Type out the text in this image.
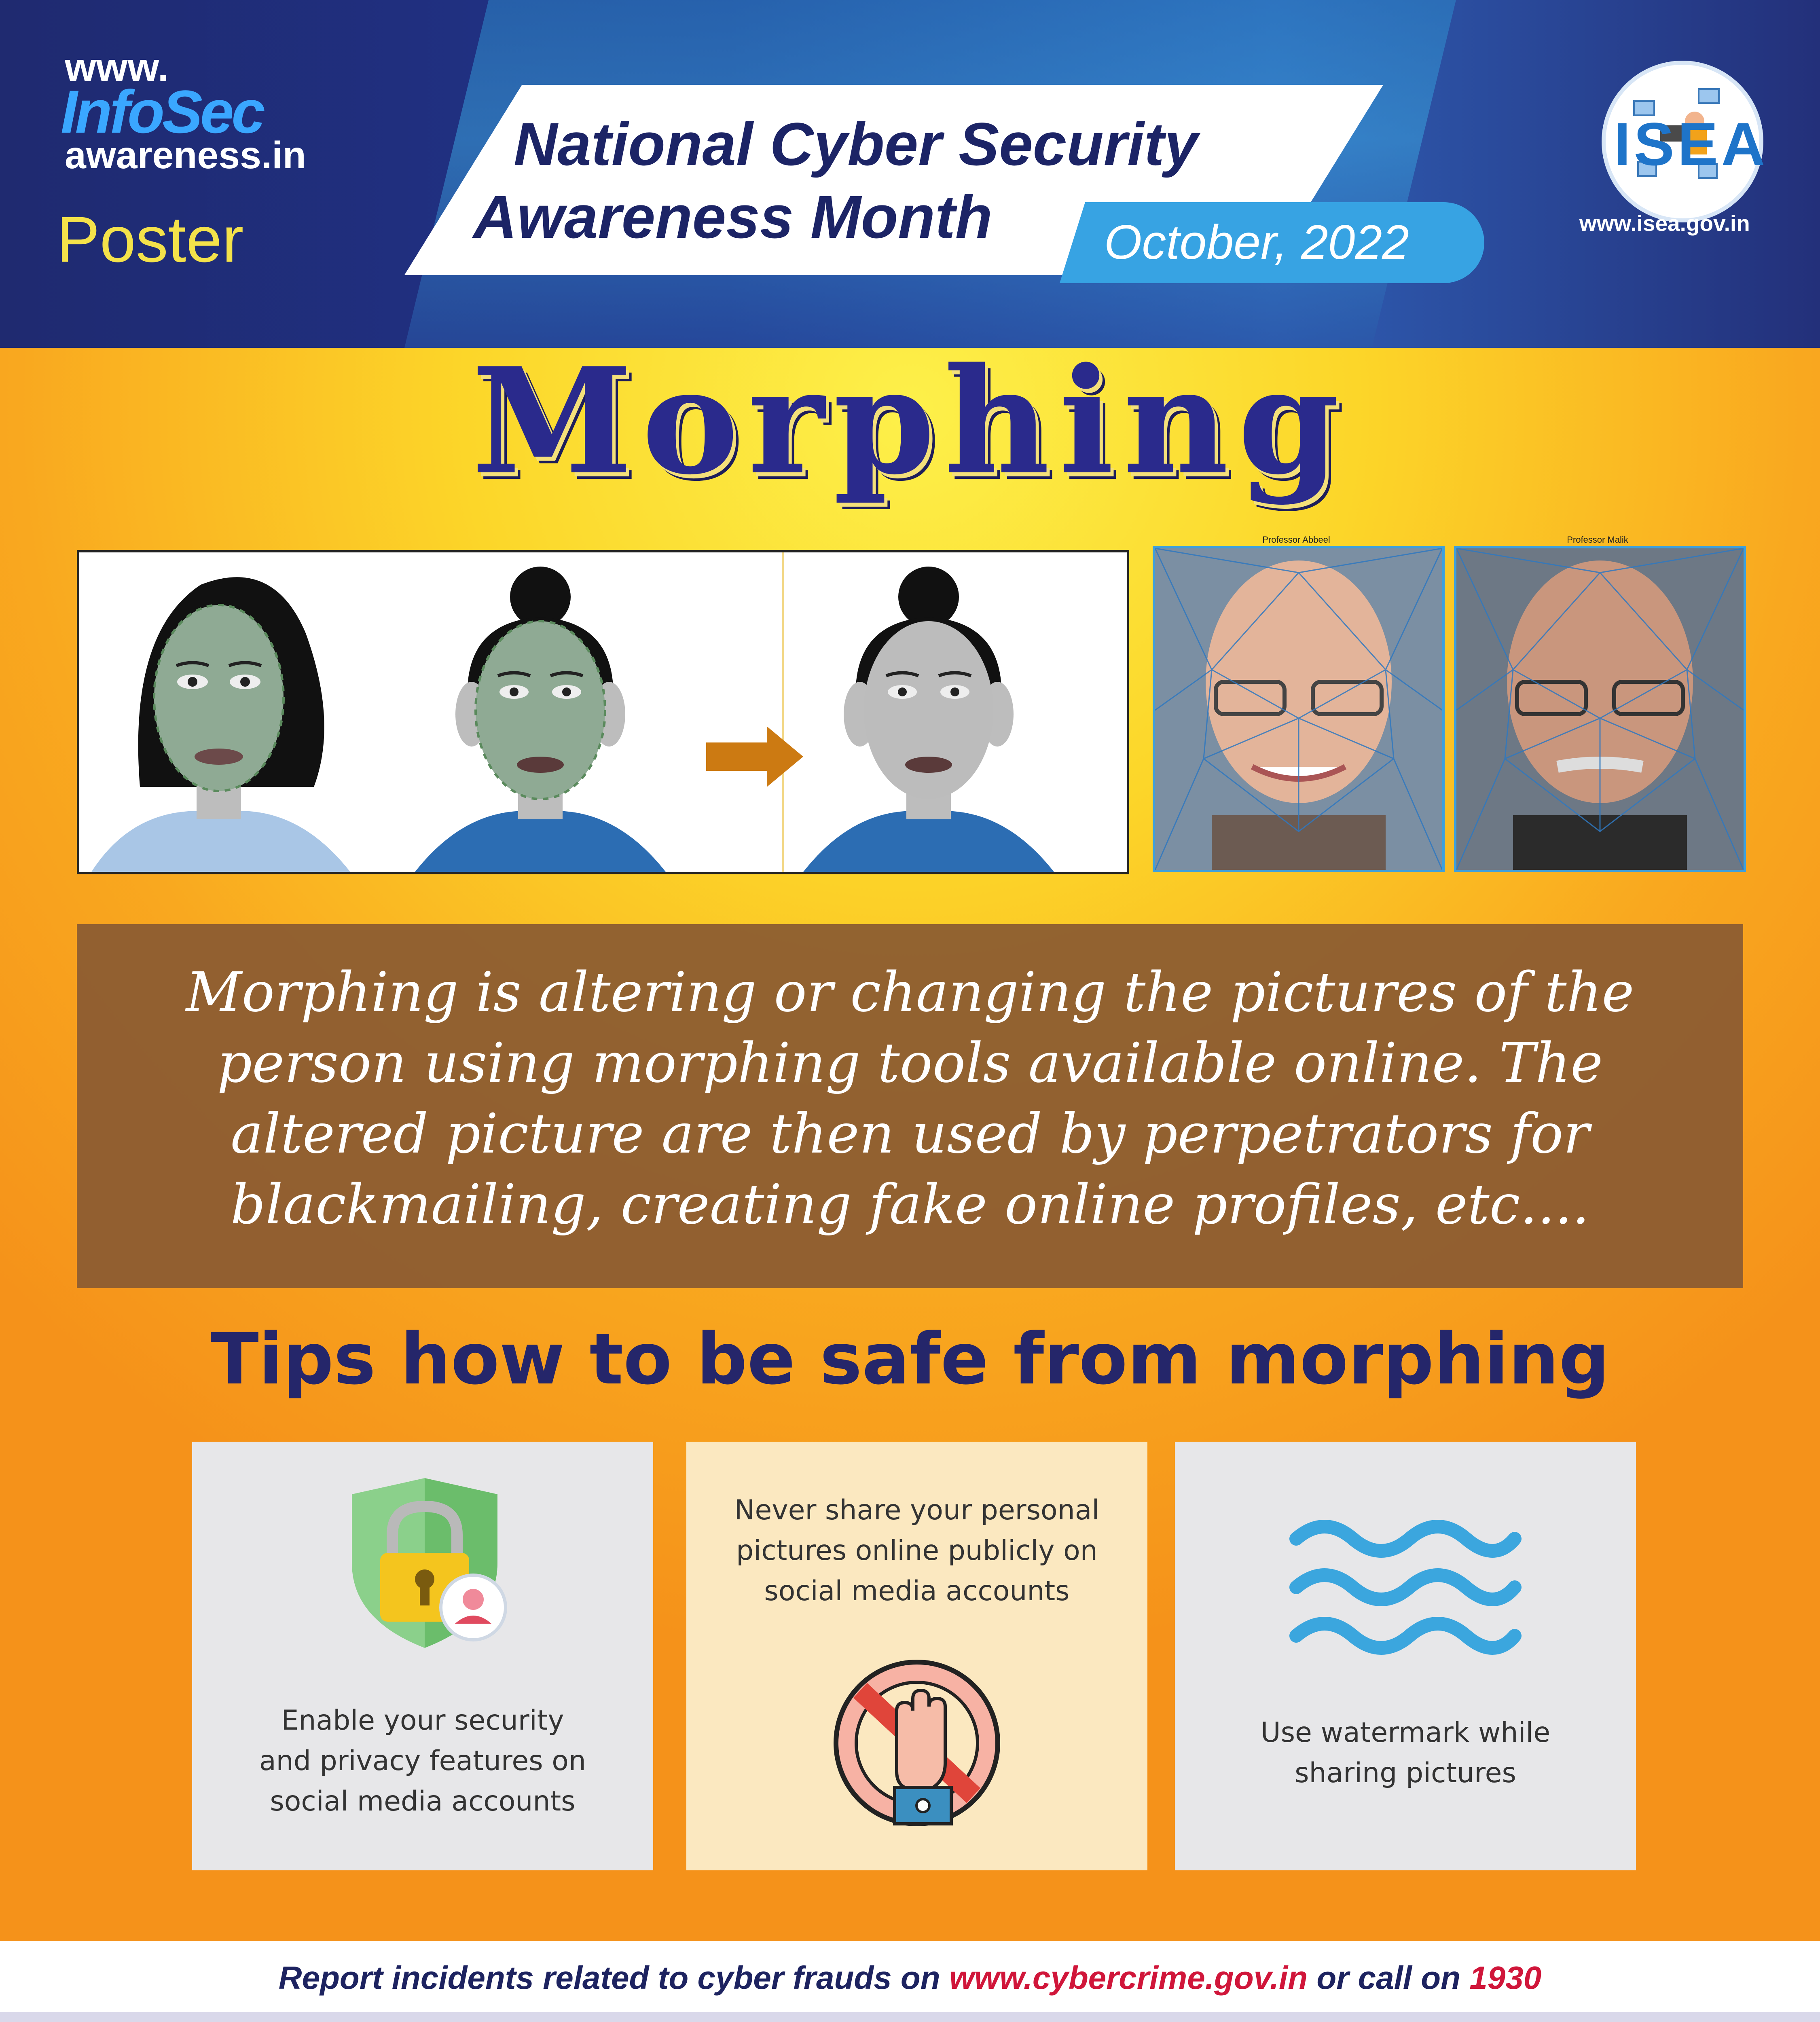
www.
InfoSec
awareness.in
Poster
National Cyber Security
Awareness Month October, 2022
ISEA
www.isea.gov.in
Morphing
Professor Abbeel	Professor Malik
Morphing is altering or changing the pictures of the
person using morphing tools available online. The
altered picture are then used by perpetrators for
blackmailing, creating fake online profiles, etc....
Tips how to be safe from morphing
Enable your security
and privacy features on
social media accounts
Never share your personal
pictures online publicly on
social media accounts
Use watermark while
sharing pictures
Report incidents related to cyber frauds on www.cybercrime.gov.in or call on 1930
